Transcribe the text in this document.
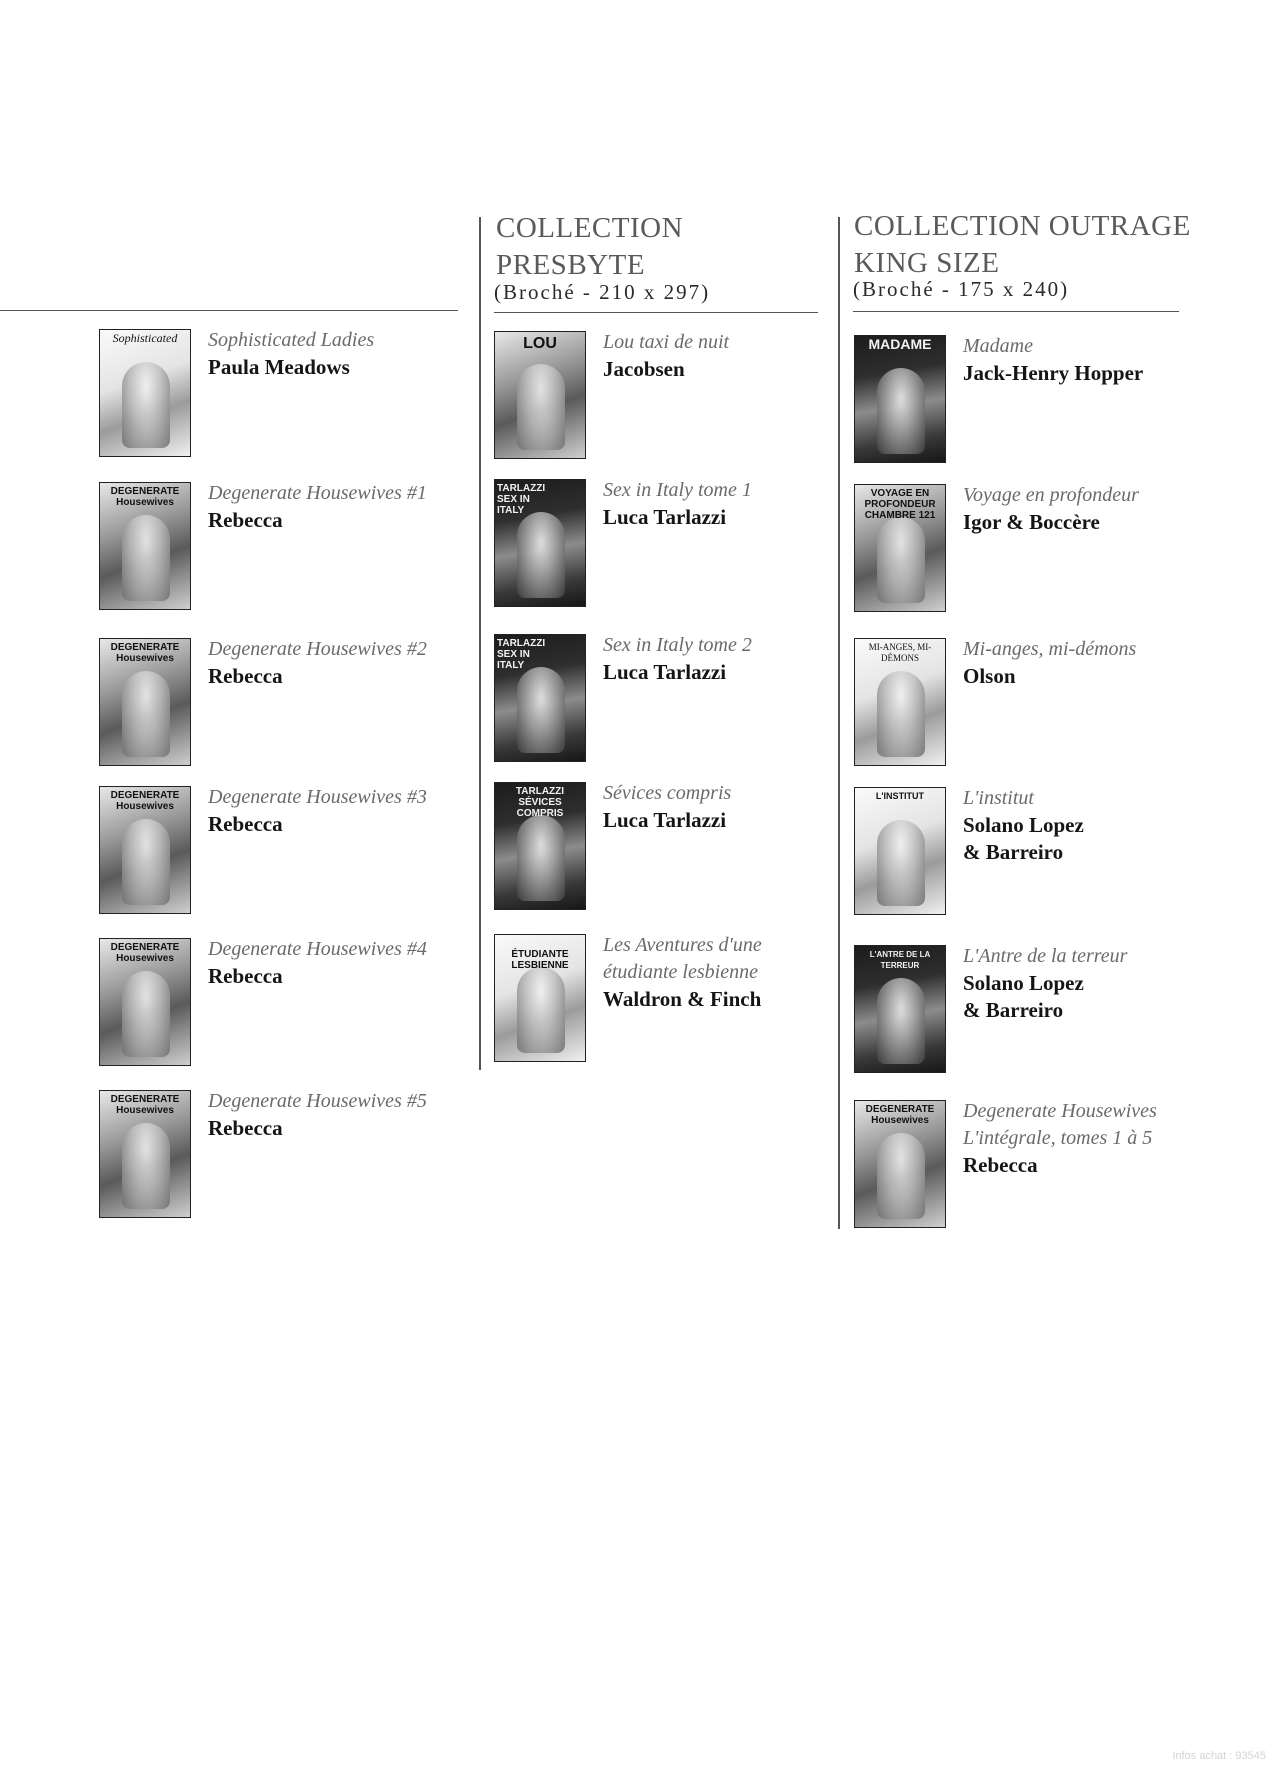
COLLECTION PRESBYTE

(Broché - 210 x 297)

COLLECTION OUTRAGE KING SIZE

(Broché - 175 x 240)

Sophisticated	Sophisticated Ladies

Paula Meadows

DEGENERATE Housewives	Degenerate Housewives #1

Rebecca

DEGENERATE Housewives	Degenerate Housewives #2

Rebecca

DEGENERATE Housewives	Degenerate Housewives #3

Rebecca

DEGENERATE Housewives	Degenerate Housewives #4

Rebecca

DEGENERATE Housewives	Degenerate Housewives #5

Rebecca

LOU	Lou taxi de nuit

Jacobsen

TARLAZZI SEX IN ITALY

Sex in Italy tome 1

Luca Tarlazzi

TARLAZZI SEX IN ITALY

Sex in Italy tome 2

Luca Tarlazzi

TARLAZZI SÉVICES COMPRIS

Sévices compris

Luca Tarlazzi

ÉTUDIANTE LESBIENNE

Les Aventures d'une

étudiante lesbienne

Waldron & Finch

MADAME	Madame

Jack-Henry Hopper

VOYAGE EN PROFONDEUR CHAMBRE 121

Voyage en profondeur

Igor & Boccère

MI-ANGES, MI-DÉMONS	Mi-anges, mi-démons

Olson

L'INSTITUT	L'institut

Solano Lopez

& Barreiro

L'ANTRE DE LA TERREUR	L'Antre de la terreur

Solano Lopez

& Barreiro

DEGENERATE Housewives	Degenerate Housewives

L'intégrale, tomes 1 à 5

Rebecca

Infos achat : 93545
